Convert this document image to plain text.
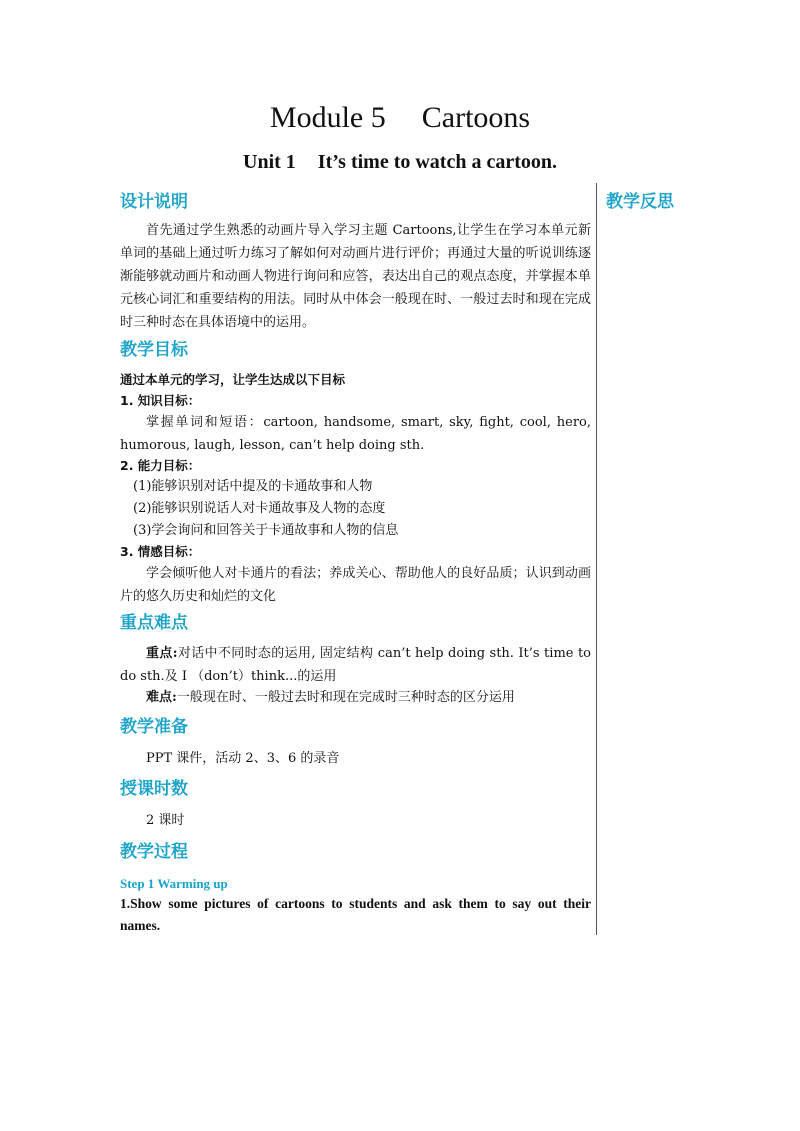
Module 5 Cartoons
Unit 1 It’s time to watch a cartoon.
教学反思
设计说明
首先通过学生熟悉的动画片导入学习主题 Cartoons,让学生在学习本单元新单词的基础上通过听力练习了解如何对动画片进行评价；再通过大量的听说训练逐渐能够就动画片和动画人物进行询问和应答，表达出自己的观点态度，并掌握本单元核心词汇和重要结构的用法。同时从中体会一般现在时、一般过去时和现在完成时三种时态在具体语境中的运用。
教学目标
通过本单元的学习，让学生达成以下目标
1. 知识目标：
掌握单词和短语：cartoon, handsome, smart, sky, fight, cool, hero, humorous, laugh, lesson, can’t help doing sth.
2. 能力目标：
(1)能够识别对话中提及的卡通故事和人物
(2)能够识别说话人对卡通故事及人物的态度
(3)学会询问和回答关于卡通故事和人物的信息
3. 情感目标：
学会倾听他人对卡通片的看法；养成关心、帮助他人的良好品质；认识到动画片的悠久历史和灿烂的文化
重点难点
重点:对话中不同时态的运用, 固定结构 can’t help doing sth. It’s time to do sth.及 I （don’t）think...的运用
难点:一般现在时、一般过去时和现在完成时三种时态的区分运用
教学准备
PPT 课件，活动 2、3、6 的录音
授课时数
2 课时
教学过程
Step 1 Warming up
1.Show some pictures of cartoons to students and ask them to say out their names.
